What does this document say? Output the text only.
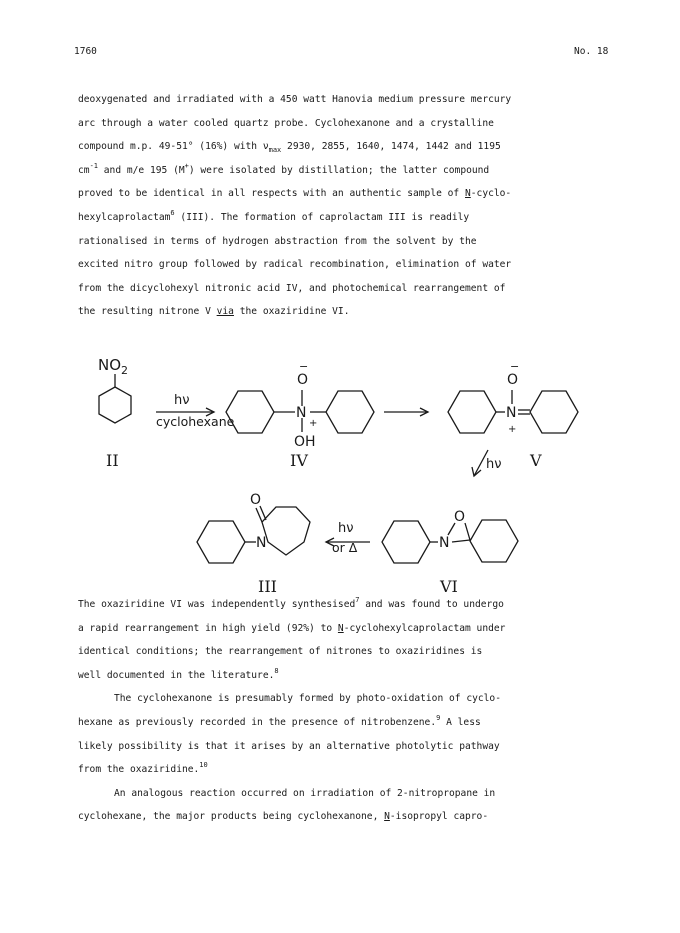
1760	No. 18
deoxygenated and irradiated with a 450 watt Hanovia medium pressure mercury
arc through a water cooled quartz probe. Cyclohexanone and a crystalline
compound m.p. 49-51° (16%) with $\nu_{max}$ 2930, 2855, 1640, 1474, 1442 and 1195
$cm^{-1}$ and m/e 195 (M+) were isolated by distillation; the latter compound
proved to be identical in all respects with an authentic sample of N-cyclo-
hexylcaprolactam$^6$ (III). The formation of caprolactam III is readily
rationalised in terms of hydrogen abstraction from the solvent by the
excited nitro group followed by radical recombination, elimination of water
from the dicyclohexyl nitronic acid IV, and photochemical rearrangement of
the resulting nitrone V via the oxaziridine VI.
$NO_2$
hν
cyclohexane
O
−
N
+
OH
O
−
N
+
hν
O
N
hν
or Δ
O
N
II	IV	V
III	VI
The oxaziridine VI was independently synthesised$^7$ and was found to undergo
a rapid rearrangement in high yield (92%) to N-cyclohexylcaprolactam under
identical conditions; the rearrangement of nitrones to oxaziridines is
well documented in the literature.$^8$
The cyclohexanone is presumably formed by photo-oxidation of cyclo-
hexane as previously recorded in the presence of nitrobenzene.$^9$ A less
likely possibility is that it arises by an alternative photolytic pathway
from the oxaziridine.$^{10}$
An analogous reaction occurred on irradiation of 2-nitropropane in
cyclohexane, the major products being cyclohexanone, N-isopropyl capro-
